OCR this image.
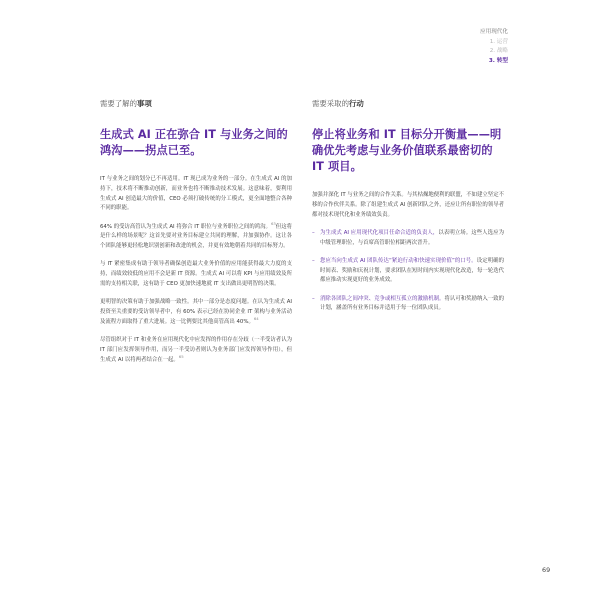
应用现代化
1. 运营
2. 战略
3. 转型
需要了解的事项
生成式 AI 正在弥合 IT 与业务之间的鸿沟——拐点已至。

IT 与业务之间的划分已不再适用。IT 现已成为业务的一部分。在生成式 AI 的加持下，技术将不断推动创新，而业务也将不断推动技术发展。这意味着，要利用生成式 AI 创造最大的价值，CEO 必须打破传统的分工模式，更全面地整合各种不同的职能。

64% 的受访高管认为生成式 AI 将弥合 IT 职位与业务职位之间的鸿沟。$^{63}$但这将是什么样的场景呢？这首先要对业务目标建立共同的理解，并加强协作。这让各个团队能够更轻松地识别创新和改进的机会，并更有效地朝着共同的目标努力。

与 IT 紧密集成有助于领导者确保创造最大业务价值的应用能获得最大力度的支持，而绩效较低的应用不会是新 IT 资源。生成式 AI 可以将 KPI 与应用绩效及所需的支持相关联，这有助于 CEO 更加快速地就 IT 支出做出更明智的决策。

更明智的决策有助于加强战略一致性。其中一部分是态度问题。在认为生成式 AI 投资至关重要的受访领导者中，有 60% 表示已经在协同企业 IT 架构与业务活动及流程方面取得了重大进展。这一比例要比其他高管高出 40%。$^{64}$

尽管组织对于 IT 和业务在应用现代化中应发挥的作用存在分歧（一半受访者认为 IT 部门应发挥领导作用，而另一半受访者则认为业务部门应发挥领导作用），但生成式 AI 以将两者结合在一起。$^{65}$

需要采取的行动
停止将业务和 IT 目标分开衡量——明确优先考虑与业务价值联系最密切的 IT 项目。

加强并深化 IT 与业务之间的合作关系。与其枯燥地便利的联盟，不如建立坚定不移的合作伙伴关系。除了组建生成式 AI 创新团队之外，还应让所有职位的领导者都对技术现代化和业务绩效负责。

– 为生成式 AI 应用现代化项目任命合适的负责人，以表明立场。这些人选应为中级管理职位，与首席高管职位相距两次晋升。
– 您应当向生成式 AI 团队传达“紧迫行动和快速实现价值”的口号。设定明确的时间表、奖励和庆祝计划，要求团队在短时间内实现现代化改造，每一轮迭代都应推动实现更好的业务成效。
– 消除各团队之间冲突、竞争或相互孤立的激励机制。将认可和奖励纳入一致的计划，涵盖所有业务目标并适用于每一位团队成员。
69
